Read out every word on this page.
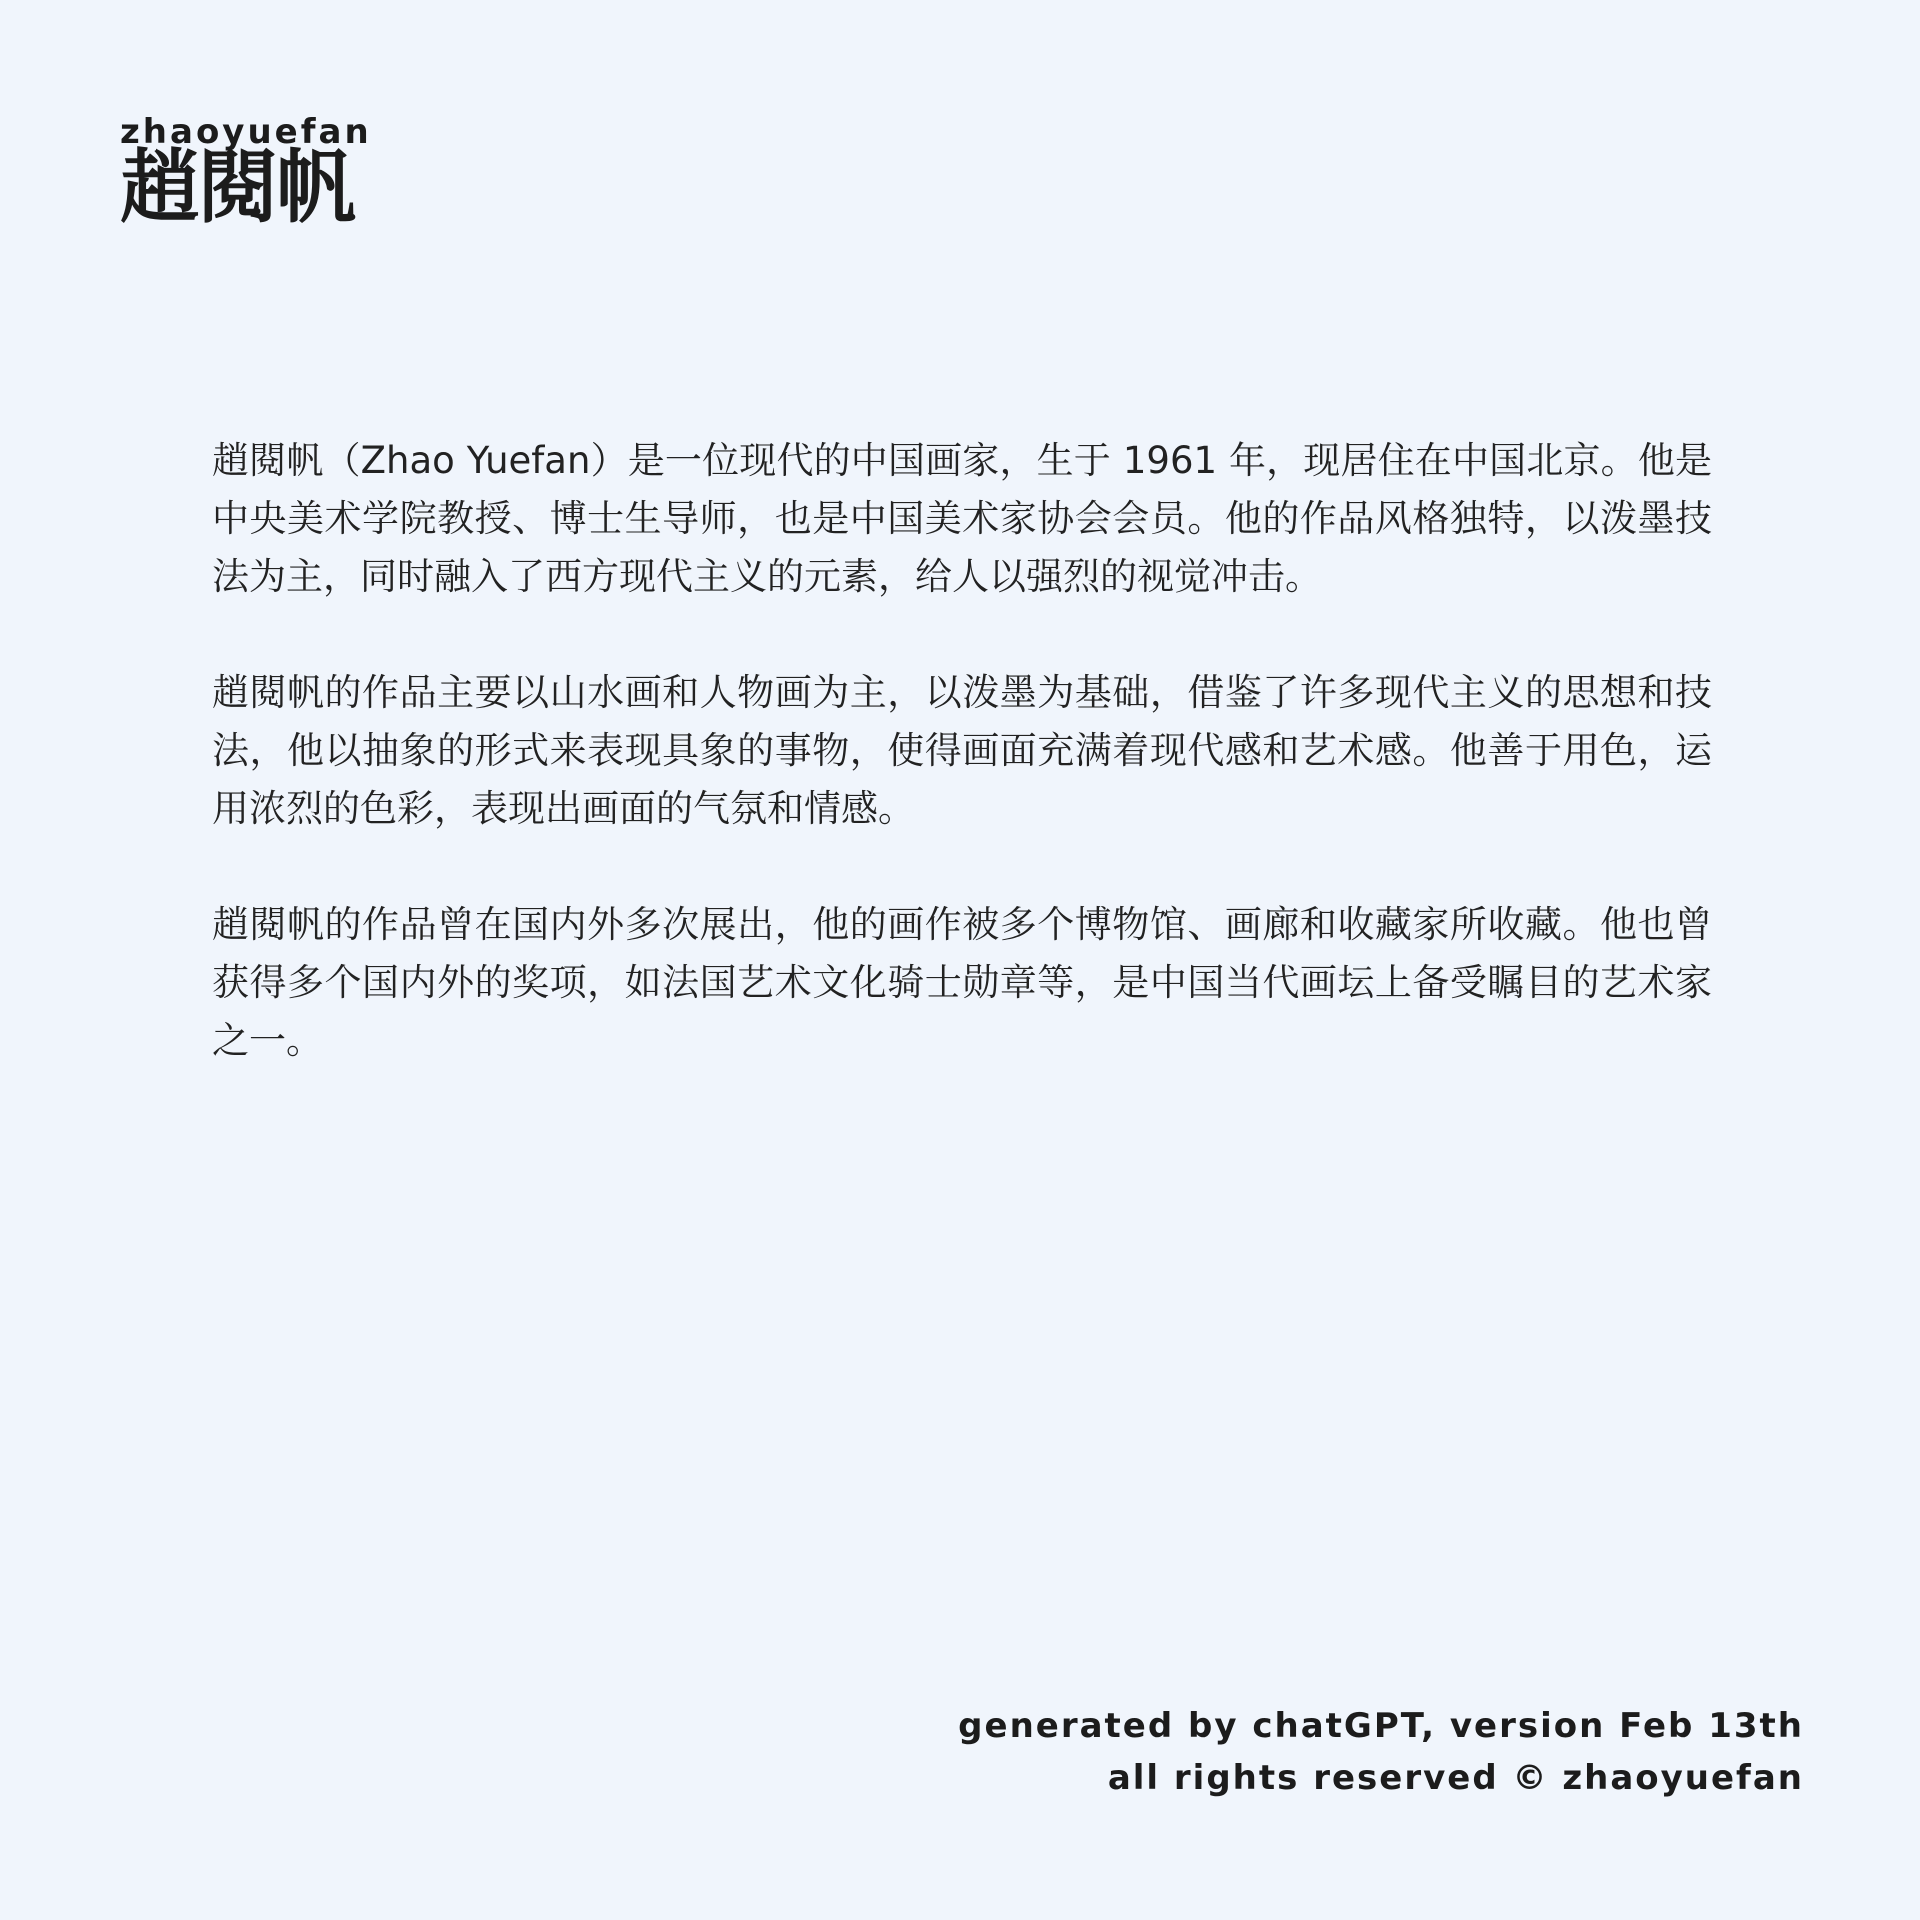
zhaoyuefan
趙閱帆

趙閱帆（Zhao Yuefan）是一位现代的中国画家，生于 1961 年，现居住在中国北京。他是中央美术学院教授、博士生导师，也是中国美术家协会会员。他的作品风格独特，以泼墨技法为主，同时融入了西方现代主义的元素，给人以强烈的视觉冲击。

趙閱帆的作品主要以山水画和人物画为主，以泼墨为基础，借鉴了许多现代主义的思想和技法，他以抽象的形式来表现具象的事物，使得画面充满着现代感和艺术感。他善于用色，运用浓烈的色彩，表现出画面的气氛和情感。

趙閱帆的作品曾在国内外多次展出，他的画作被多个博物馆、画廊和收藏家所收藏。他也曾获得多个国内外的奖项，如法国艺术文化骑士勋章等，是中国当代画坛上备受瞩目的艺术家之一。

generated by chatGPT, version Feb 13th
all rights reserved © zhaoyuefan
